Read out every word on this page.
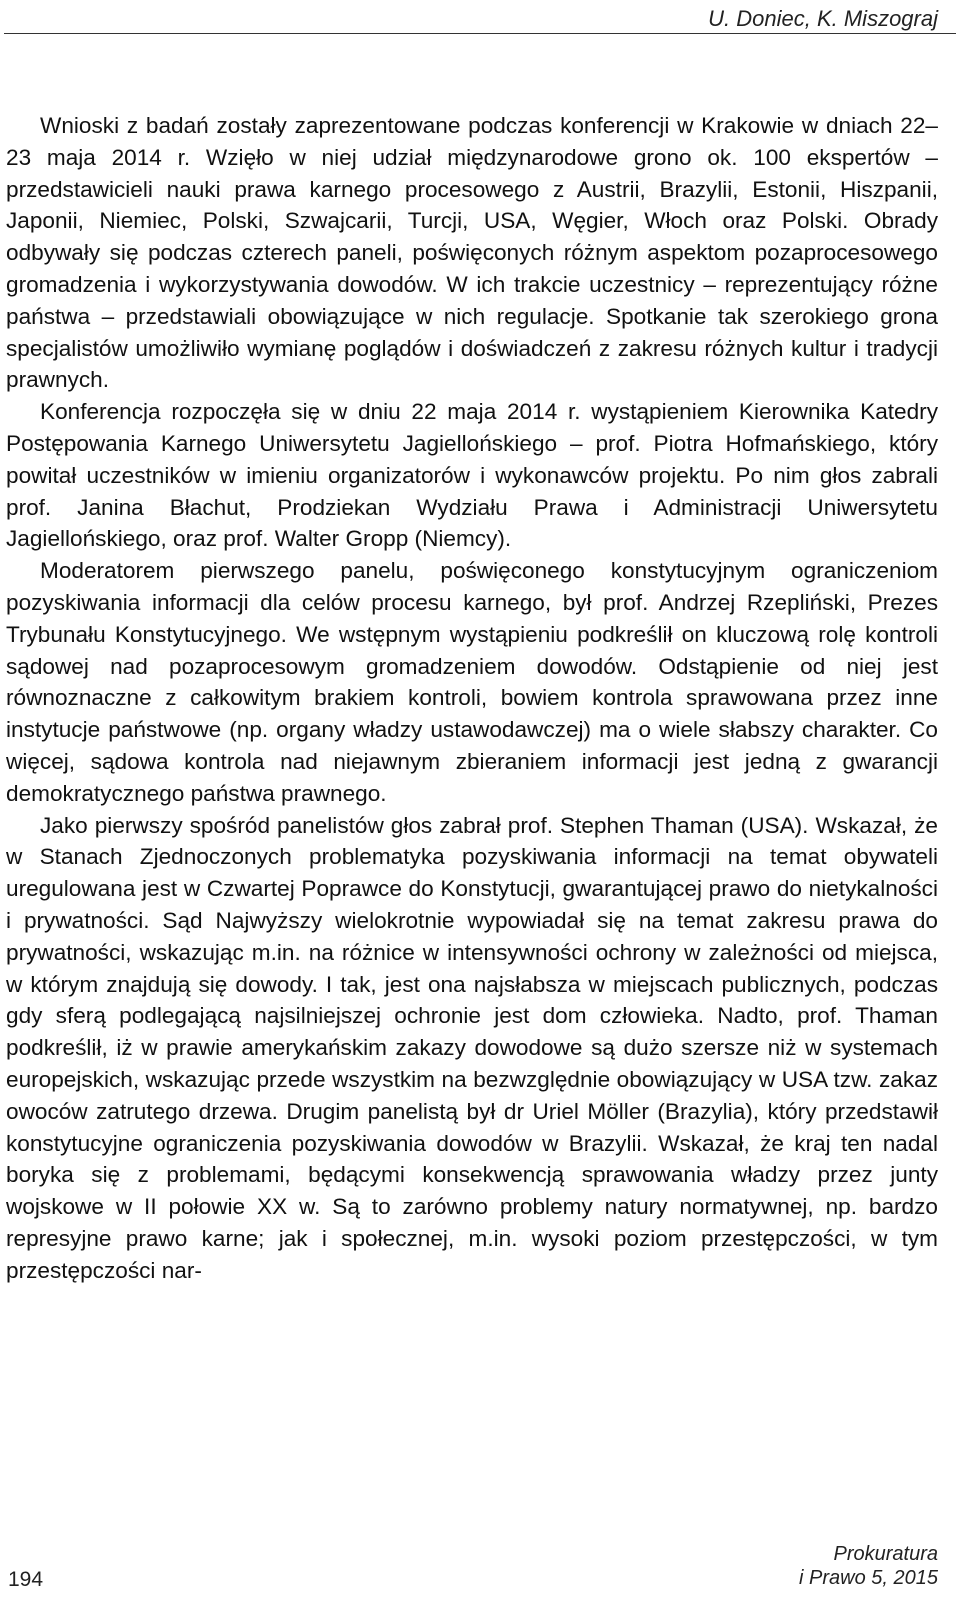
U. Doniec, K. Miszograj

Wnioski z badań zostały zaprezentowane podczas konferencji w Krakowie w dniach 22–23 maja 2014 r. Wzięło w niej udział międzynarodowe grono ok. 100 ekspertów – przedstawicieli nauki prawa karnego procesowego z Austrii, Brazylii, Estonii, Hiszpanii, Japonii, Niemiec, Polski, Szwajcarii, Turcji, USA, Węgier, Włoch oraz Polski. Obrady odbywały się podczas czterech paneli, poświęconych różnym aspektom pozaprocesowego gromadzenia i wykorzystywania dowodów. W ich trakcie uczestnicy – reprezentujący różne państwa – przedstawiali obowiązujące w nich regulacje. Spotkanie tak szerokiego grona specjalistów umożliwiło wymianę poglądów i doświadczeń z zakresu różnych kultur i tradycji prawnych.

Konferencja rozpoczęła się w dniu 22 maja 2014 r. wystąpieniem Kierownika Katedry Postępowania Karnego Uniwersytetu Jagiellońskiego – prof. Piotra Hofmańskiego, który powitał uczestników w imieniu organizatorów i wykonawców projektu. Po nim głos zabrali prof. Janina Błachut, Prodziekan Wydziału Prawa i Administracji Uniwersytetu Jagiellońskiego, oraz prof. Walter Gropp (Niemcy).

Moderatorem pierwszego panelu, poświęconego konstytucyjnym ograniczeniom pozyskiwania informacji dla celów procesu karnego, był prof. Andrzej Rzepliński, Prezes Trybunału Konstytucyjnego. We wstępnym wystąpieniu podkreślił on kluczową rolę kontroli sądowej nad pozaprocesowym gromadzeniem dowodów. Odstąpienie od niej jest równoznaczne z całkowitym brakiem kontroli, bowiem kontrola sprawowana przez inne instytucje państwowe (np. organy władzy ustawodawczej) ma o wiele słabszy charakter. Co więcej, sądowa kontrola nad niejawnym zbieraniem informacji jest jedną z gwarancji demokratycznego państwa prawnego.

Jako pierwszy spośród panelistów głos zabrał prof. Stephen Thaman (USA). Wskazał, że w Stanach Zjednoczonych problematyka pozyskiwania informacji na temat obywateli uregulowana jest w Czwartej Poprawce do Konstytucji, gwarantującej prawo do nietykalności i prywatności. Sąd Najwyższy wielokrotnie wypowiadał się na temat zakresu prawa do prywatności, wskazując m.in. na różnice w intensywności ochrony w zależności od miejsca, w którym znajdują się dowody. I tak, jest ona najsłabsza w miejscach publicznych, podczas gdy sferą podlegającą najsilniejszej ochronie jest dom człowieka. Nadto, prof. Thaman podkreślił, iż w prawie amerykańskim zakazy dowodowe są dużo szersze niż w systemach europejskich, wskazując przede wszystkim na bezwzględnie obowiązujący w USA tzw. zakaz owoców zatrutego drzewa. Drugim panelistą był dr Uriel Möller (Brazylia), który przedstawił konstytucyjne ograniczenia pozyskiwania dowodów w Brazylii. Wskazał, że kraj ten nadal boryka się z problemami, będącymi konsekwencją sprawowania władzy przez junty wojskowe w II połowie XX w. Są to zarówno problemy natury normatywnej, np. bardzo represyjne prawo karne; jak i społecznej, m.in. wysoki poziom przestępczości, w tym przestępczości nar-

194
Prokuratura
i Prawo 5, 2015
